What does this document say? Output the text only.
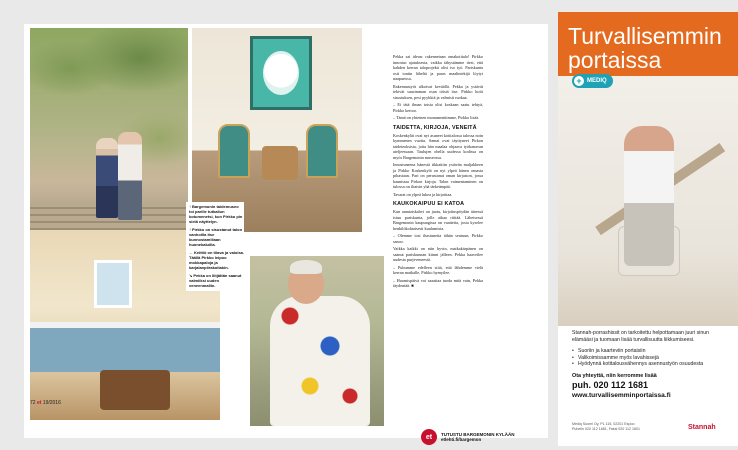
↑Bargemonin taidemuseo toi parille tutkailun kotumenetsi, kun Pirkko pin sielä näyttelyn.

↑Pirkko on sisustanut talon vanhoilla itse kunnostamillaan huonekaluilla.

←Keittiö on tilava ja valoisa. Täällä Pirkko leipoo mokkapaloja ja karjalanpiirakoitakin.

↘Pekka on liitjättän saanut valmiiksi uuden veneenmallin.

Pekka sai idean: rakennetaan omakotitalo! Pirkko innostui ajatuksesta, vaikka tähystämme tiesi, että kahden kerran taloprojekti olisi iso työ. Pariskunta osti tontin läheltä ja paras maalintekijä löytyi naapurissa.

Rakennustyöt alkoivat keväällä. Pekka ja ystävät tekivät suurimman osan töistä itse. Pirkko hoiti sisustuksen, pesi pyykkiä ja valmisti ruokaa.

– Ei tätä ilman toista olisi koskaan saatu tehtyä, Pirkko kertoo.

– Tämä on yhteinen monumenttimme, Pirkko lisää.

TAIDETTA, KIRJOJA, VENEITÄ

Koskenkylät ovat nyt asuneet kotitalossa talossa noin kymmenen vuotta. Samat ovat täyttyneet Pirkon taideteoksista, joita hän maalaa ohjaava työkanavan ateljeessaan. Taulujen ohella uudessa kodissa on myös Bargemonin museossa.

Innostuneena hänestä tikkattiin ystävän maljakkeen ja Pirkko Koskenkylä on nyt ylpeä hänen omasta pihastaan. Pari on perustanut oman kirjaston, jossa kaunistaa Pirkon kirjoja. Talon vaimentaminen on tulossa on iltaisin yhä tärkeämpää.

Tavarat on ylpeä lukea ja kirjoittaa.

KAUKOKAIPUU EI KATOA

Kun aamiaiskahvi on juotu, kirjoituspöydän ääressä istuu pariskunta, jolle aikaa riittää. Läheisessä Bargemonin kaupungissa on vaatteita, josta kyselee henkilökohtaisesti kuulumisia.

– Olemme tosi ihastuneita tähän seutuun, Pirkko sanoo.

Vaikka kaikki on niin hyvin, matkakärpänen on saanut pariskunnan kiinni jälleen. Pekka haaveilee uudesta purjeveneestä.

– Puhumme edelleen siitä, että lähdemme vielä kerran matkalle, Pirkko hymyilee.

– Huomispäivä voi saaattaa tuoda mitä vain, Pekka täydentää. ■

et	TUTUSTU BARGEMONIN KYLÄÄN
etlehti.fi/bargemon
72 et 19/2016
Turvallisemmin
portaissa
+ MEDIQ

Stannah-porrashissit on tarkoitettu helpottamaan juuri sinun elämääsi ja tuomaan lisää turvallisuutta liikkumiseesi.

• Suoriin ja kaarteviin portaisiin
• Valikoimissamme myös lavahissejä
• Hyödynnä kotitalousvähennys asennustyön osuudesta
Ota yhteyttä, niin kerromme lisää
puh. 020 112 1681
www.turvallisemminportaissa.fi
Mediq Suomi Oy, PL 115, 02201 Espoo
Puhelin 020 112 1681, Faksi 020 112 1601	Stannah
